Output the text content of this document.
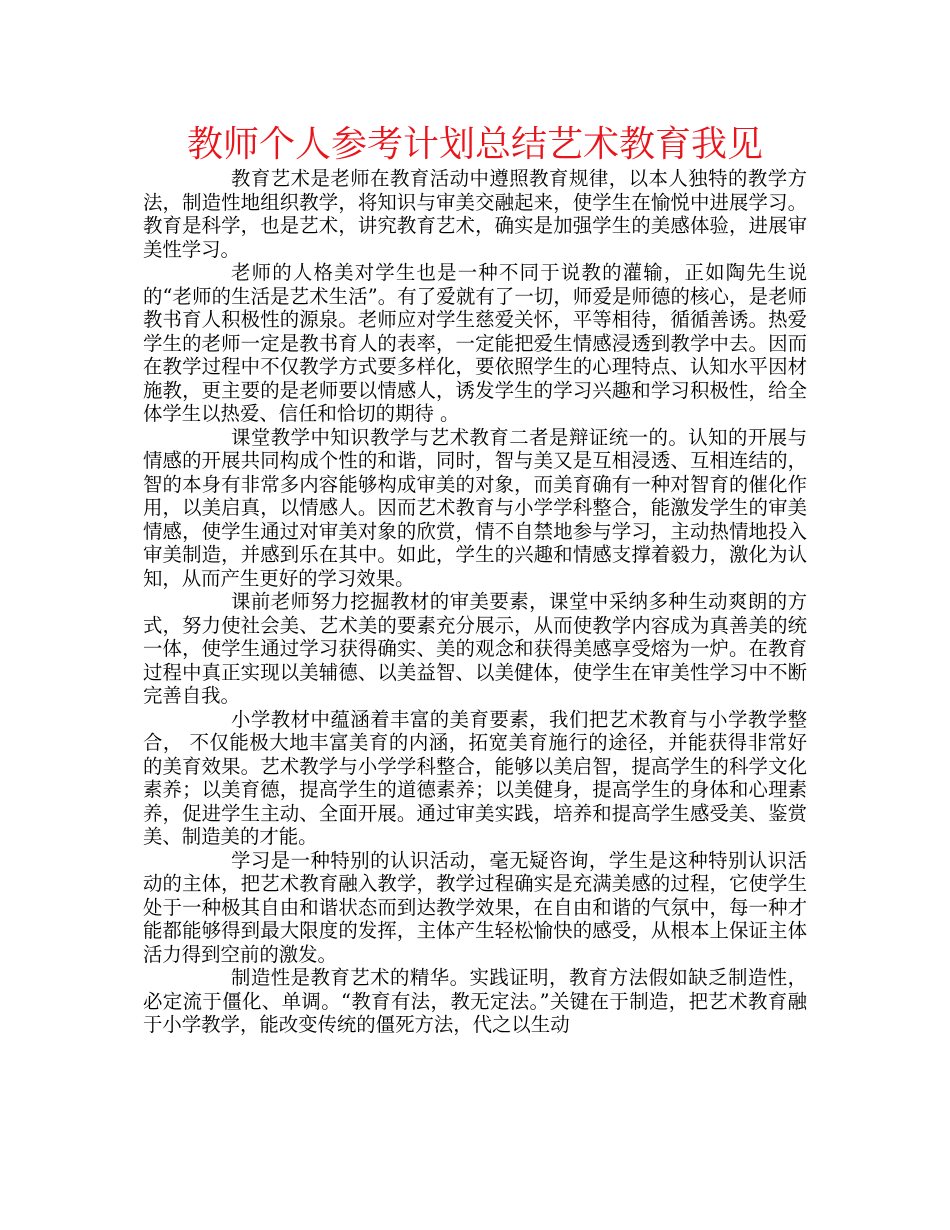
教师个人参考计划总结艺术教育我见

教育艺术是老师在教育活动中遵照教育规律，以本人独特的教学方法，制造性地组织教学，将知识与审美交融起来，使学生在愉悦中进展学习。教育是科学，也是艺术，讲究教育艺术，确实是加强学生的美感体验，进展审美性学习。

老师的人格美对学生也是一种不同于说教的灌输，正如陶先生说的“老师的生活是艺术生活”。有了爱就有了一切，师爱是师德的核心，是老师教书育人积极性的源泉。老师应对学生慈爱关怀，平等相待，循循善诱。热爱学生的老师一定是教书育人的表率，一定能把爱生情感浸透到教学中去。因而在教学过程中不仅教学方式要多样化，要依照学生的心理特点、认知水平因材施教，更主要的是老师要以情感人，诱发学生的学习兴趣和学习积极性，给全体学生以热爱、信任和恰切的期待 。

课堂教学中知识教学与艺术教育二者是辩证统一的。认知的开展与情感的开展共同构成个性的和谐，同时，智与美又是互相浸透、互相连结的，智的本身有非常多内容能够构成审美的对象，而美育确有一种对智育的催化作用，以美启真，以情感人。因而艺术教育与小学学科整合，能激发学生的审美情感，使学生通过对审美对象的欣赏，情不自禁地参与学习，主动热情地投入审美制造，并感到乐在其中。如此，学生的兴趣和情感支撑着毅力，激化为认知，从而产生更好的学习效果。

课前老师努力挖掘教材的审美要素，课堂中采纳多种生动爽朗的方式，努力使社会美、艺术美的要素充分展示，从而使教学内容成为真善美的统一体，使学生通过学习获得确实、美的观念和获得美感享受熔为一炉。在教育过程中真正实现以美辅德、以美益智、以美健体，使学生在审美性学习中不断完善自我。

小学教材中蕴涵着丰富的美育要素，我们把艺术教育与小学教学整合， 不仅能极大地丰富美育的内涵，拓宽美育施行的途径，并能获得非常好的美育效果。艺术教学与小学学科整合，能够以美启智，提高学生的科学文化素养；以美育德，提高学生的道德素养；以美健身，提高学生的身体和心理素养，促进学生主动、全面开展。通过审美实践，培养和提高学生感受美、鉴赏美、制造美的才能。

学习是一种特别的认识活动，毫无疑咨询，学生是这种特别认识活动的主体，把艺术教育融入教学，教学过程确实是充满美感的过程，它使学生处于一种极其自由和谐状态而到达教学效果，在自由和谐的气氛中，每一种才能都能够得到最大限度的发挥，主体产生轻松愉快的感受，从根本上保证主体活力得到空前的激发。

制造性是教育艺术的精华。实践证明，教育方法假如缺乏制造性，必定流于僵化、单调。“教育有法，教无定法。”关键在于制造，把艺术教育融于小学教学，能改变传统的僵死方法，代之以生动
